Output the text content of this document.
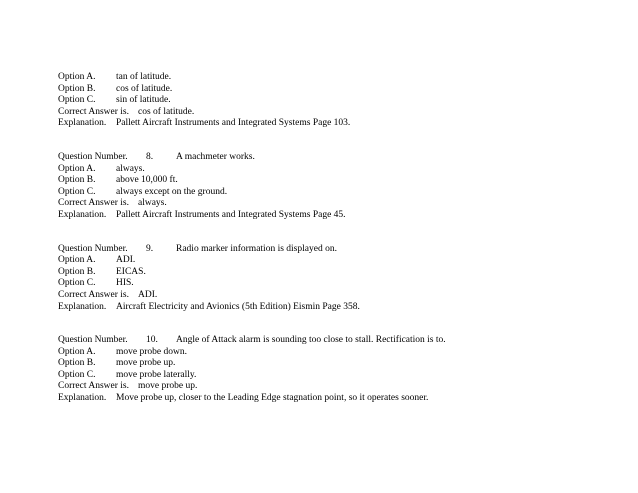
Option A. tan of latitude.
Option B. cos of latitude.
Option C. sin of latitude.
Correct Answer is. cos of latitude.
Explanation. Pallett Aircraft Instruments and Integrated Systems Page 103.
Question Number. 8. A machmeter works.
Option A. always.
Option B. above 10,000 ft.
Option C. always except on the ground.
Correct Answer is. always.
Explanation. Pallett Aircraft Instruments and Integrated Systems Page 45.
Question Number. 9. Radio marker information is displayed on.
Option A. ADI.
Option B. EICAS.
Option C. HIS.
Correct Answer is. ADI.
Explanation. Aircraft Electricity and Avionics (5th Edition) Eismin Page 358.
Question Number. 10. Angle of Attack alarm is sounding too close to stall. Rectification is to.
Option A. move probe down.
Option B. move probe up.
Option C. move probe laterally.
Correct Answer is. move probe up.
Explanation. Move probe up, closer to the Leading Edge stagnation point, so it operates sooner.
